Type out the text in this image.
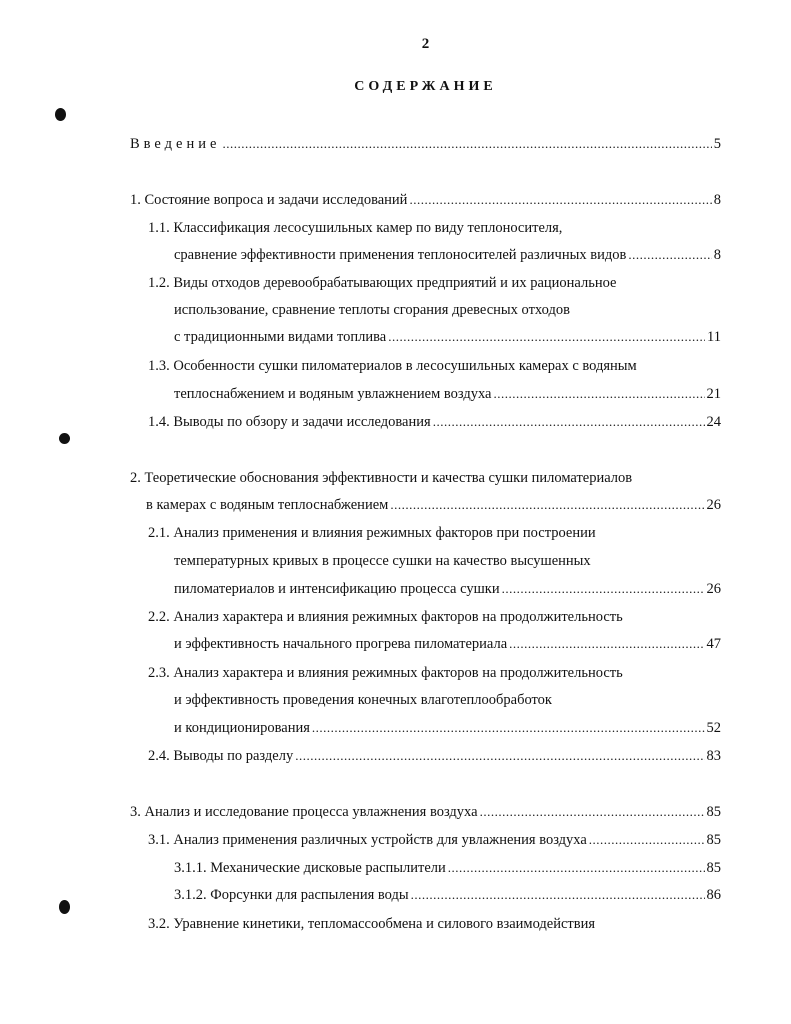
2
СОДЕРЖАНИЕ
Введение .....	5
1. Состояние вопроса и задачи исследований .....	8
1.1. Классификация лесосушильных камер по виду теплоносителя,
сравнение эффективности применения теплоносителей различных видов .....	8
1.2. Виды отходов деревообрабатывающих предприятий и их рациональное
использование, сравнение теплоты сгорания древесных отходов
с традиционными видами топлива .....	11
1.3. Особенности сушки пиломатериалов в лесосушильных камерах с водяным
теплоснабжением и водяным увлажнением воздуха .....	21
1.4. Выводы по обзору и задачи исследования .....	24
2. Теоретические обоснования эффективности и качества сушки пиломатериалов
в камерах с водяным теплоснабжением .....	26
2.1. Анализ применения и влияния режимных факторов при построении
температурных кривых в процессе сушки на качество высушенных
пиломатериалов и интенсификацию процесса сушки .....	26
2.2. Анализ характера и влияния режимных факторов на продолжительность
и эффективность начального прогрева пиломатериала .....	47
2.3. Анализ характера и влияния режимных факторов на продолжительность
и эффективность проведения конечных влаготеплообработок
и кондиционирования .....	52
2.4. Выводы по разделу .....	83
3. Анализ и исследование процесса увлажнения воздуха .....	85
3.1. Анализ применения различных устройств для увлажнения воздуха .....	85
3.1.1. Механические дисковые распылители .....	85
3.1.2. Форсунки для распыления воды .....	86
3.2. Уравнение кинетики, тепломассообмена и силового взаимодействия
